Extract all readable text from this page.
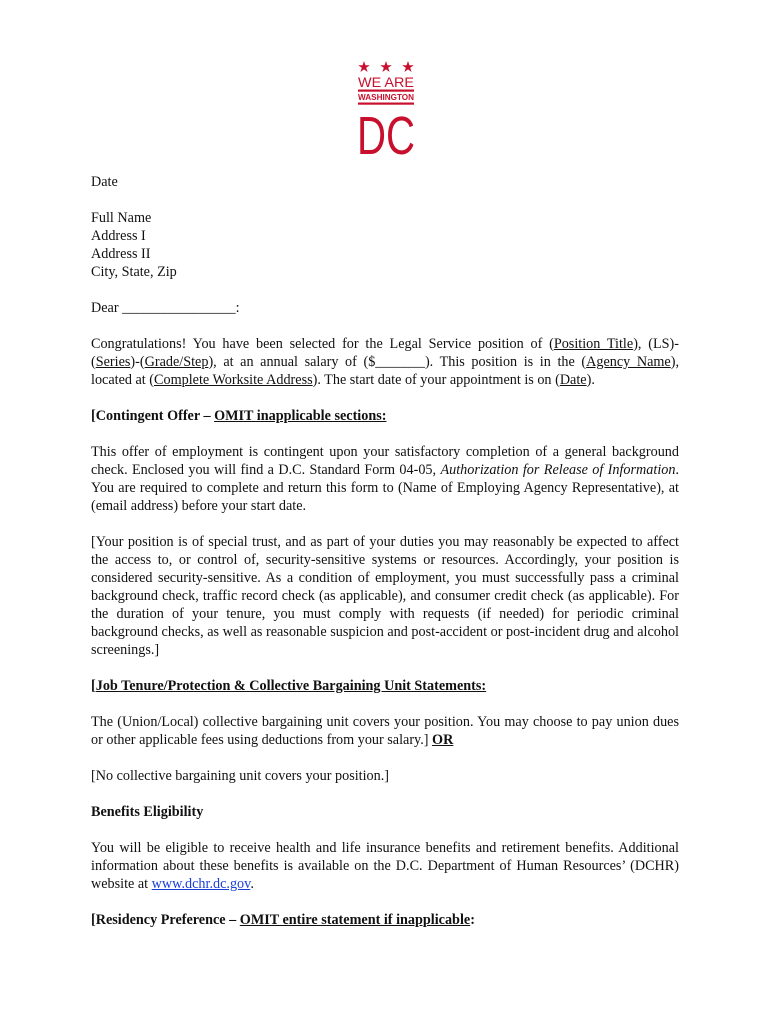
WE ARE
WASHINGTON
DC

Date

Full Name

Address I

Address II

City, State, Zip

Dear ________________:

Congratulations! You have been selected for the Legal Service position of (Position Title), (LS)-(Series)-(Grade/Step), at an annual salary of ($_______). This position is in the (Agency Name), located at (Complete Worksite Address). The start date of your appointment is on (Date).

[Contingent Offer – OMIT inapplicable sections:

This offer of employment is contingent upon your satisfactory completion of a general background check. Enclosed you will find a D.C. Standard Form 04-05, Authorization for Release of Information. You are required to complete and return this form to (Name of Employing Agency Representative), at (email address) before your start date.

[Your position is of special trust, and as part of your duties you may reasonably be expected to affect the access to, or control of, security-sensitive systems or resources. Accordingly, your position is considered security-sensitive. As a condition of employment, you must successfully pass a criminal background check, traffic record check (as applicable), and consumer credit check (as applicable). For the duration of your tenure, you must comply with requests (if needed) for periodic criminal background checks, as well as reasonable suspicion and post-accident or post-incident drug and alcohol screenings.]

[Job Tenure/Protection & Collective Bargaining Unit Statements:

The (Union/Local) collective bargaining unit covers your position. You may choose to pay union dues or other applicable fees using deductions from your salary.] OR

[No collective bargaining unit covers your position.]

Benefits Eligibility

You will be eligible to receive health and life insurance benefits and retirement benefits. Additional information about these benefits is available on the D.C. Department of Human Resources’ (DCHR) website at www.dchr.dc.gov.

[Residency Preference – OMIT entire statement if inapplicable:
